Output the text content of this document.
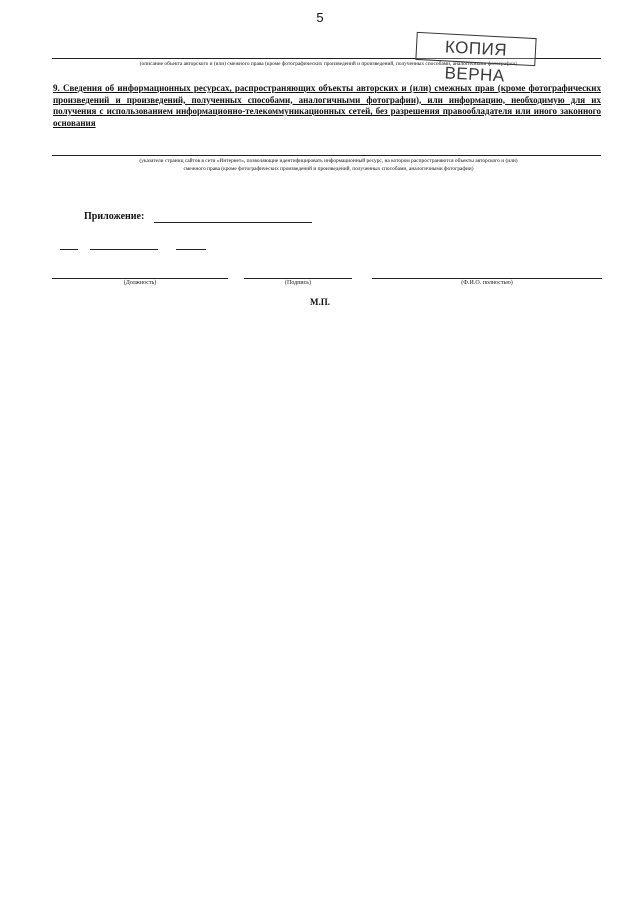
5
(описание объекта авторского и (или) смежного права (кроме фотографических произведений и произведений, полученных способами, аналогичными фотографии)
КОПИЯ ВЕРНА
9. Сведения об информационных ресурсах, распространяющих объекты авторских и (или) смежных прав (кроме фотографических произведений и произведений, полученных способами, аналогичными фотографии), или информацию, необходимую для их получения с использованием информационно-телекоммуникационных сетей, без разрешения правообладателя или иного законного основания
(указатели страниц сайтов в сети «Интернет», позволяющие идентифицировать информационный ресурс, на котором распространяются объекты авторского и (или)
смежного права (кроме фотографических произведений и произведений, полученных способами, аналогичными фотографии)
Приложение:
(Должность)	(Подпись)	(Ф.И.О. полностью)
М.П.
